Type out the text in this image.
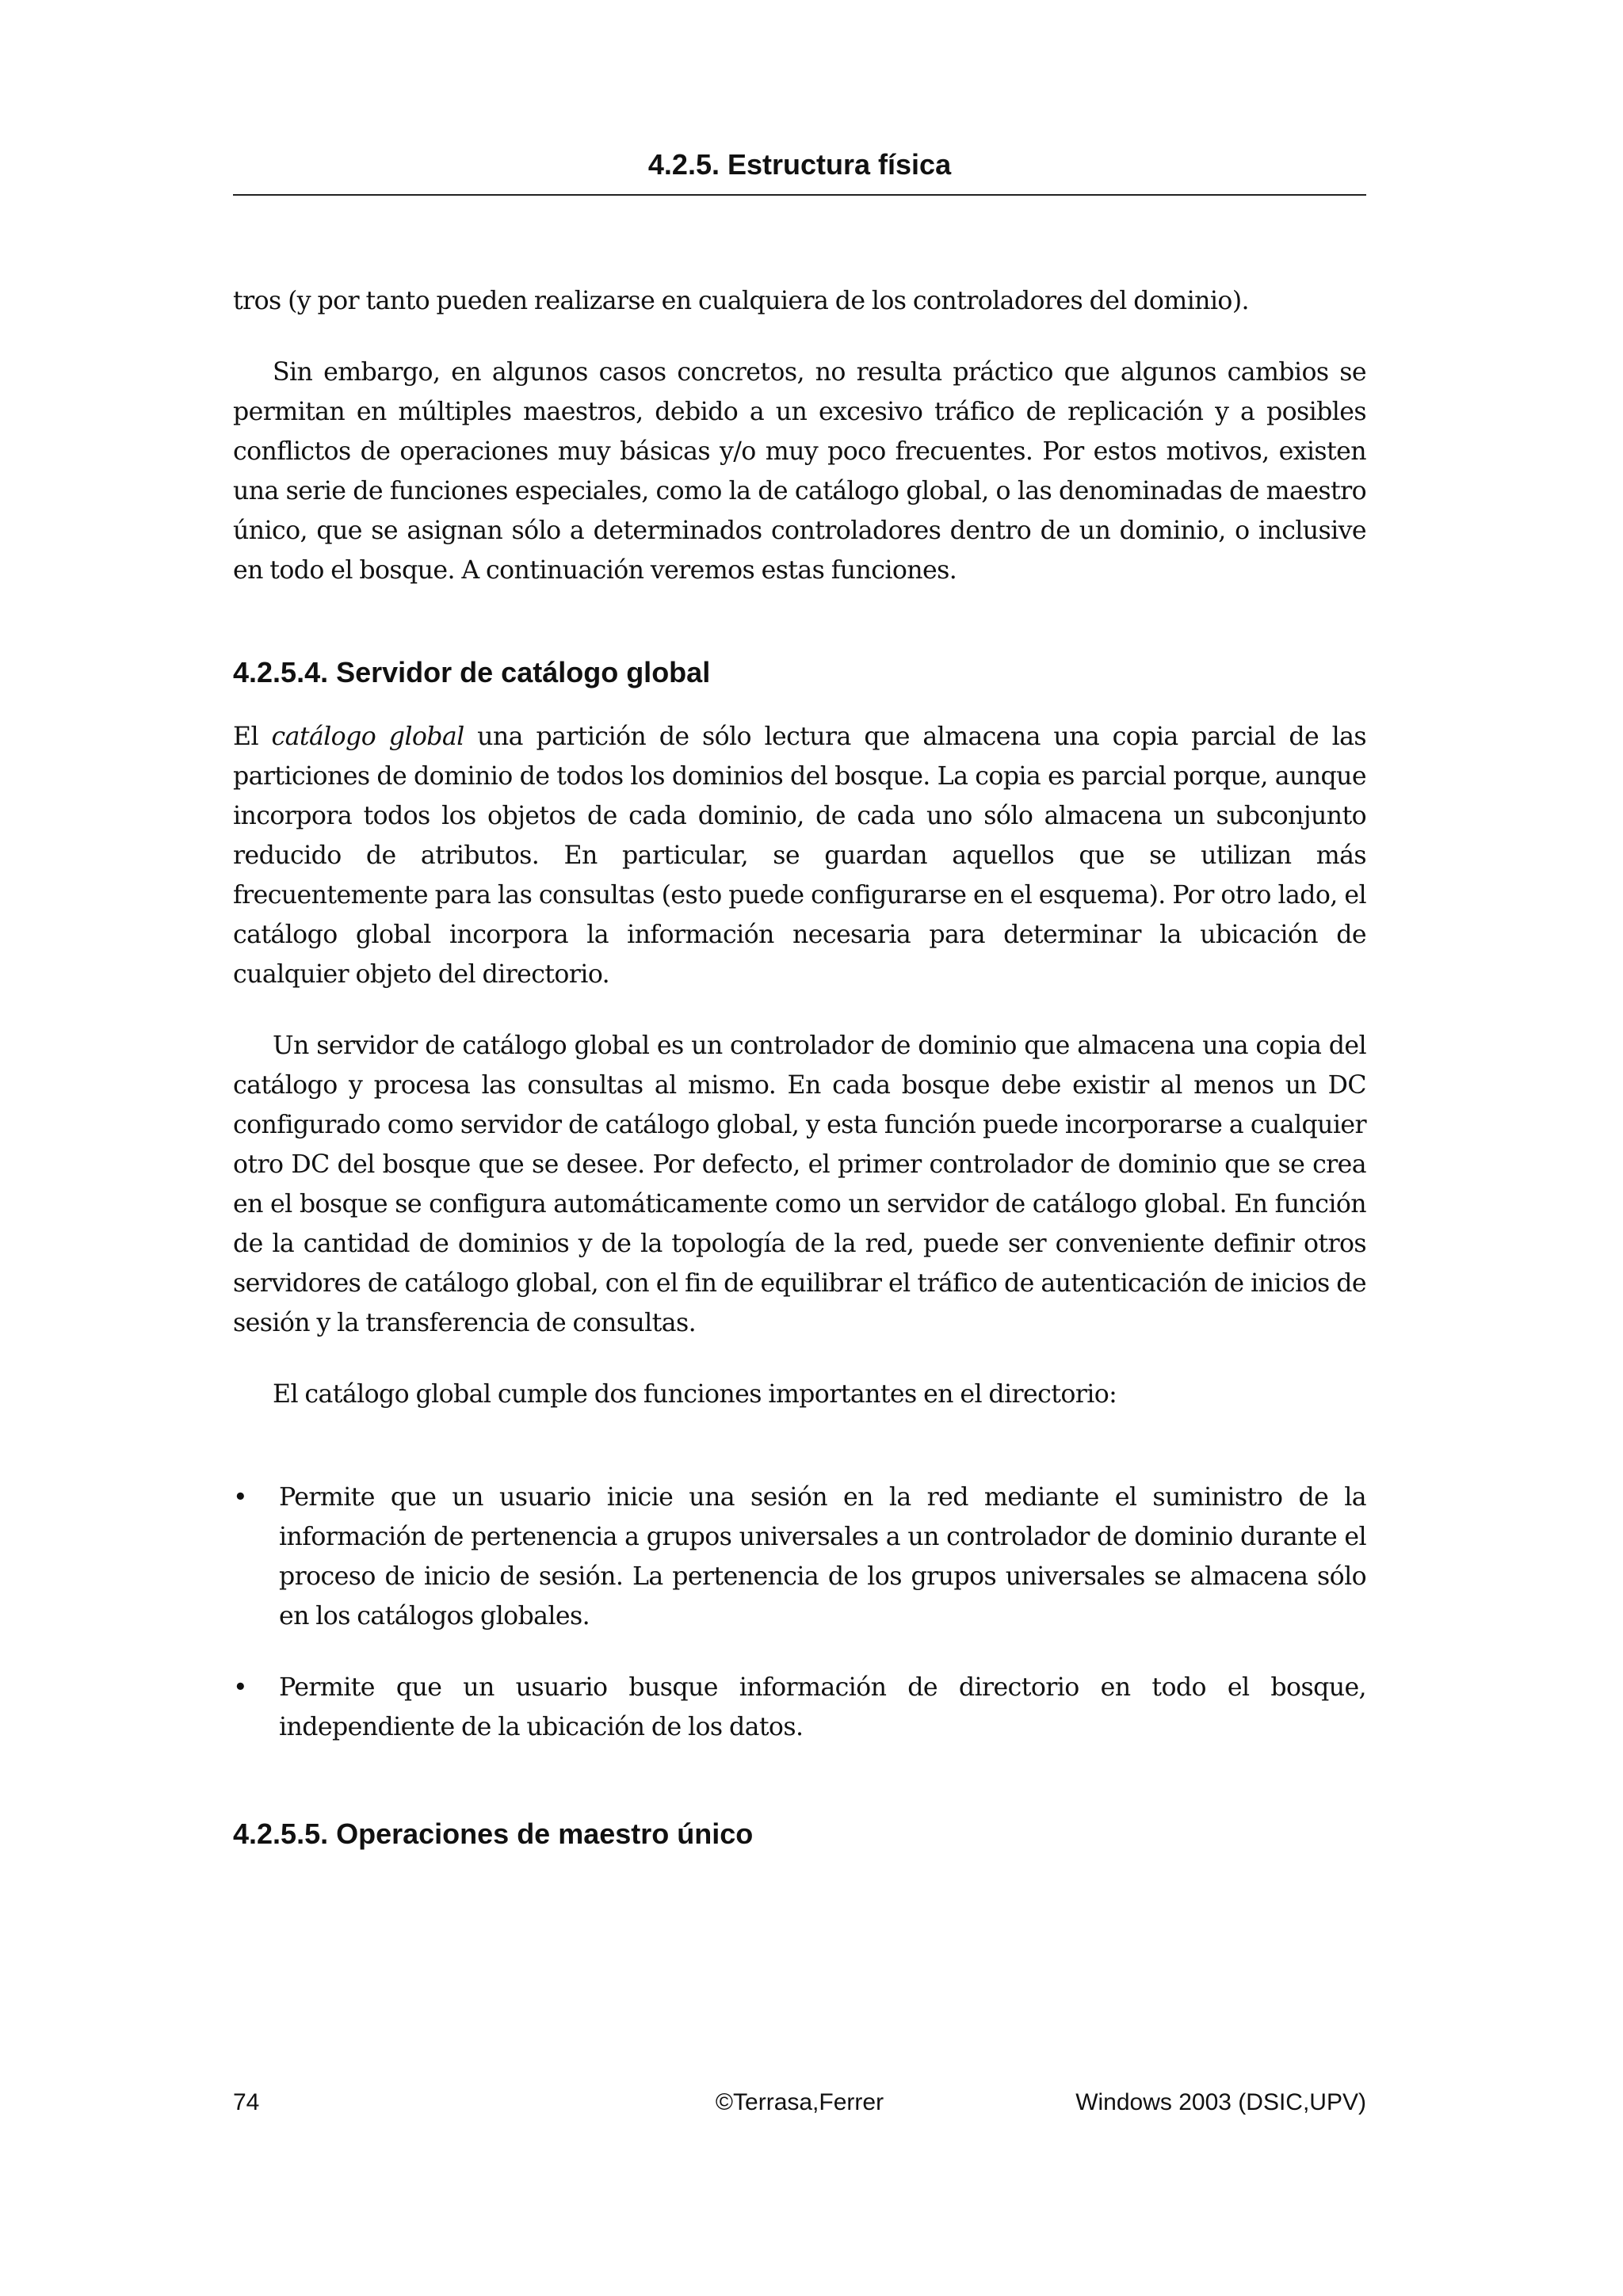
4.2.5. Estructura física

tros (y por tanto pueden realizarse en cualquiera de los controladores del dominio).

Sin embargo, en algunos casos concretos, no resulta práctico que algunos cambios se permitan en múltiples maestros, debido a un excesivo tráfico de replicación y a posibles conflictos de operaciones muy básicas y/o muy poco frecuentes. Por estos motivos, existen una serie de funciones especiales, como la de catálogo global, o las denominadas de maestro único, que se asignan sólo a determinados controladores dentro de un dominio, o inclusive en todo el bosque. A continuación veremos estas funciones.

4.2.5.4. Servidor de catálogo global

El catálogo global una partición de sólo lectura que almacena una copia parcial de las particiones de dominio de todos los dominios del bosque. La copia es parcial porque, aunque incorpora todos los objetos de cada dominio, de cada uno sólo almacena un subconjunto reducido de atributos. En particular, se guardan aquellos que se utilizan más frecuentemente para las consultas (esto puede configurarse en el esquema). Por otro lado, el catálogo global incorpora la información necesaria para determinar la ubicación de cualquier objeto del directorio.

Un servidor de catálogo global es un controlador de dominio que almacena una copia del catálogo y procesa las consultas al mismo. En cada bosque debe existir al menos un DC configurado como servidor de catálogo global, y esta función puede incorporarse a cualquier otro DC del bosque que se desee. Por defecto, el primer controlador de dominio que se crea en el bosque se configura automáticamente como un servidor de catálogo global. En función de la cantidad de dominios y de la topología de la red, puede ser conveniente definir otros servidores de catálogo global, con el fin de equilibrar el tráfico de autenticación de inicios de sesión y la transferencia de consultas.

El catálogo global cumple dos funciones importantes en el directorio:

• Permite que un usuario inicie una sesión en la red mediante el suministro de la información de pertenencia a grupos universales a un controlador de dominio durante el proceso de inicio de sesión. La pertenencia de los grupos universales se almacena sólo en los catálogos globales.
• Permite que un usuario busque información de directorio en todo el bosque, independiente de la ubicación de los datos.
4.2.5.5. Operaciones de maestro único
©Terrasa,Ferrer
74	Windows 2003 (DSIC,UPV)
